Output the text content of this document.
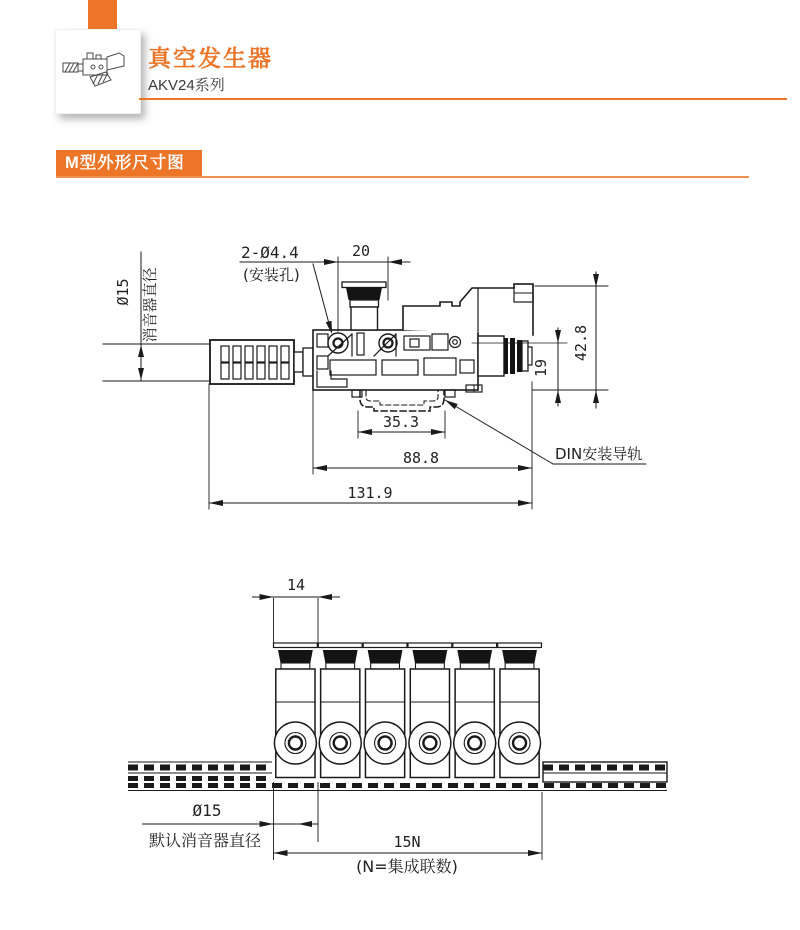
真空发生器
AKV24系列
M型外形尺寸图
Ø15 消音器直径
20
2-Ø4.4
(安装孔)
42.8
19
35.3
88.8
131.9
DIN安装导轨
14
Ø15
默认消音器直径	15N
(N=集成联数)
